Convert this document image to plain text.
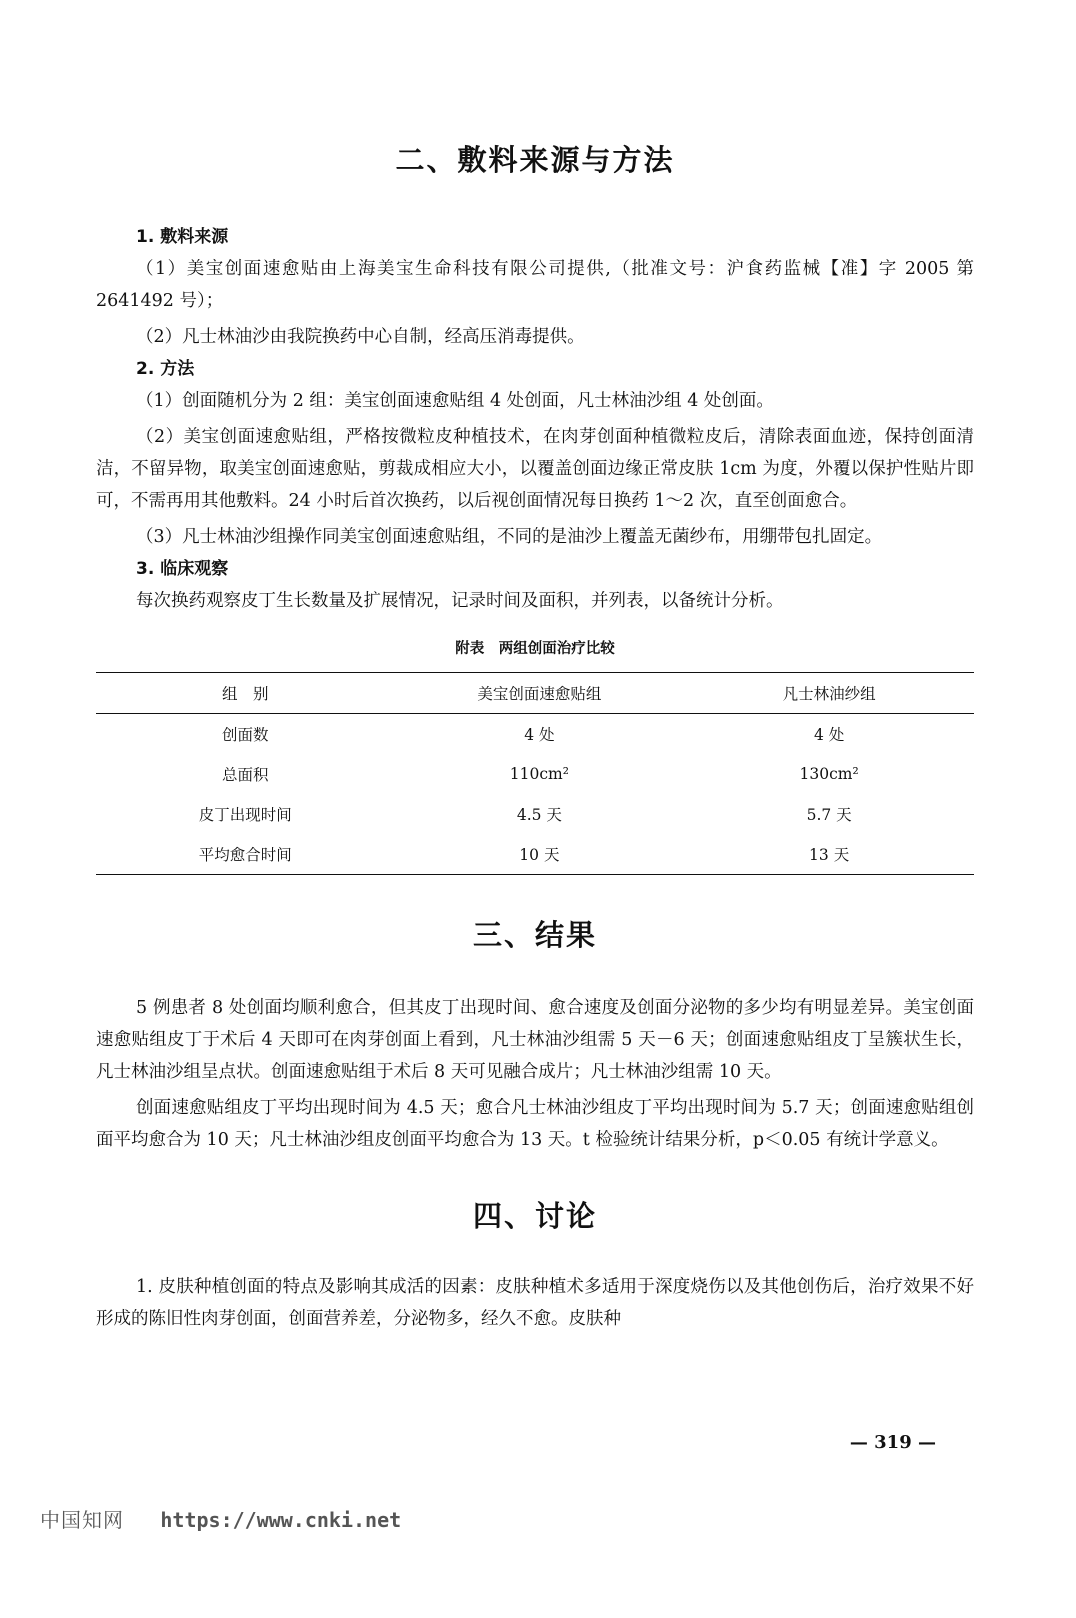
二、敷料来源与方法
1. 敷料来源

（1）美宝创面速愈贴由上海美宝生命科技有限公司提供,（批准文号：沪食药监械【准】字 2005 第 2641492 号）；

（2）凡士林油沙由我院换药中心自制，经高压消毒提供。

2. 方法

（1）创面随机分为 2 组：美宝创面速愈贴组 4 处创面，凡士林油沙组 4 处创面。

（2）美宝创面速愈贴组，严格按微粒皮种植技术，在肉芽创面种植微粒皮后，清除表面血迹，保持创面清洁，不留异物，取美宝创面速愈贴，剪裁成相应大小，以覆盖创面边缘正常皮肤 1cm 为度，外覆以保护性贴片即可，不需再用其他敷料。24 小时后首次换药，以后视创面情况每日换药 1～2 次，直至创面愈合。

（3）凡士林油沙组操作同美宝创面速愈贴组，不同的是油沙上覆盖无菌纱布，用绷带包扎固定。

3. 临床观察

每次换药观察皮丁生长数量及扩展情况，记录时间及面积，并列表，以备统计分析。

附表　两组创面治疗比较
组　别	美宝创面速愈贴组	凡士林油纱组
创面数	4 处	4 处
总面积	110cm²	130cm²
皮丁出现时间	4.5 天	5.7 天
平均愈合时间	10 天	13 天
三、结果

5 例患者 8 处创面均顺利愈合，但其皮丁出现时间、愈合速度及创面分泌物的多少均有明显差异。美宝创面速愈贴组皮丁于术后 4 天即可在肉芽创面上看到，凡士林油沙组需 5 天－6 天；创面速愈贴组皮丁呈簇状生长，凡士林油沙组呈点状。创面速愈贴组于术后 8 天可见融合成片；凡士林油沙组需 10 天。

创面速愈贴组皮丁平均出现时间为 4.5 天；愈合凡士林油沙组皮丁平均出现时间为 5.7 天；创面速愈贴组创面平均愈合为 10 天；凡士林油沙组皮创面平均愈合为 13 天。t 检验统计结果分析，p＜0.05 有统计学意义。

四、讨论

1. 皮肤种植创面的特点及影响其成活的因素：皮肤种植术多适用于深度烧伤以及其他创伤后，治疗效果不好形成的陈旧性肉芽创面，创面营养差，分泌物多，经久不愈。皮肤种

— 319 —
中国知网 https://www.cnki.net
